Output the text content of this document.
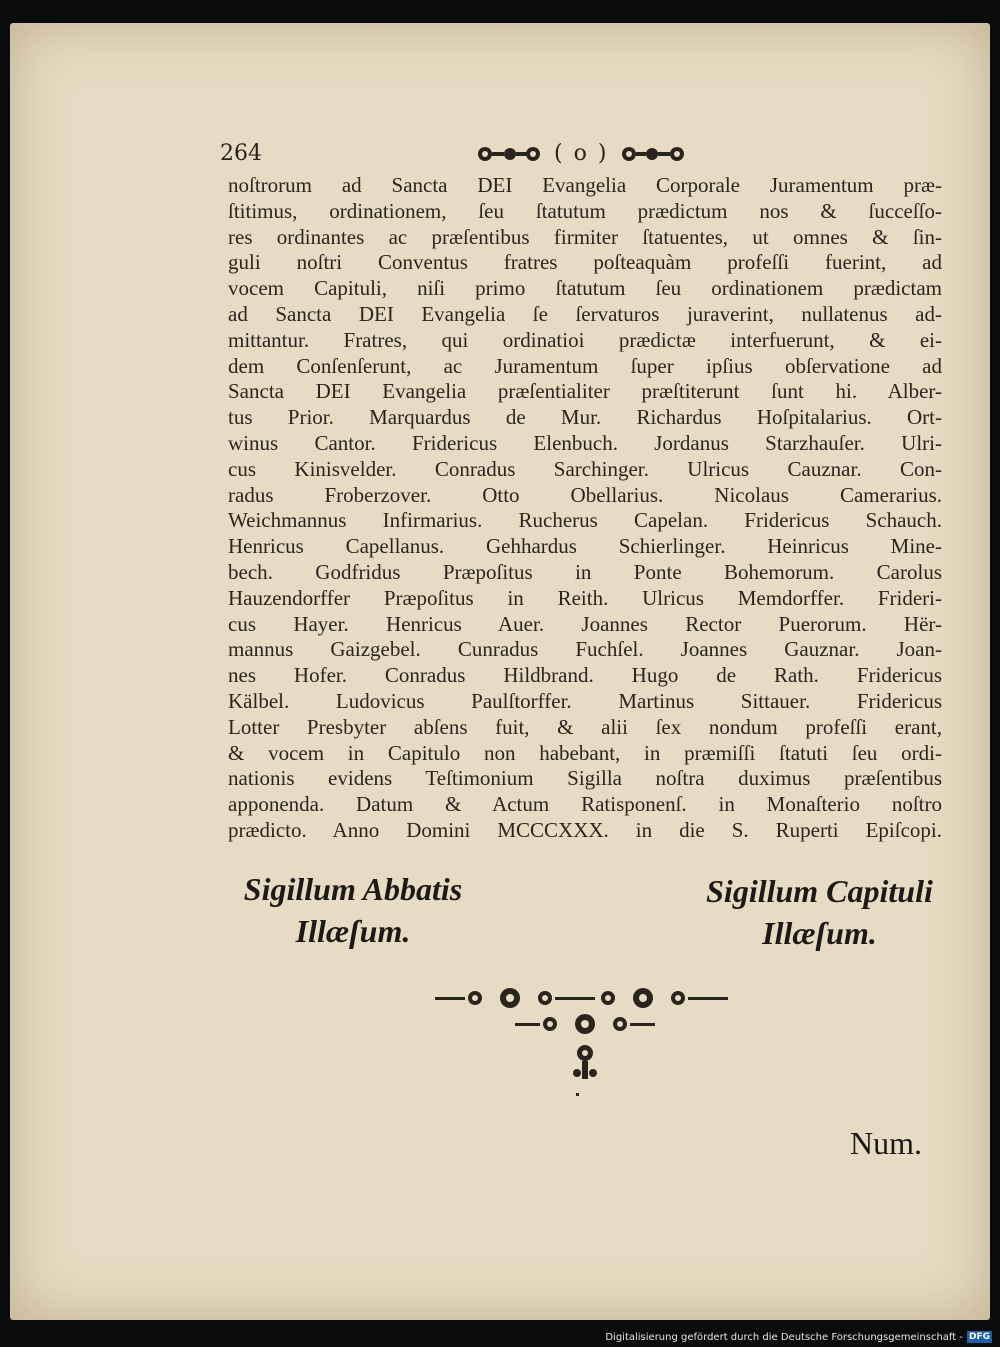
264	( o )
noſtrorum ad Sancta DEI Evangelia Corporale Juramentum præ-
ſtitimus, ordinationem, ſeu ſtatutum prædictum nos & ſucceſſo-
res ordinantes ac præſentibus firmiter ſtatuentes, ut omnes & ſin-
guli noſtri Conventus fratres poſteaquàm profeſſi fuerint, ad
vocem Capituli, niſi primo ſtatutum ſeu ordinationem prædictam
ad Sancta DEI Evangelia ſe ſervaturos juraverint, nullatenus ad-
mittantur. Fratres, qui ordinatioi prædictæ interfuerunt, & ei-
dem Conſenſerunt, ac Juramentum ſuper ipſius obſervatione ad
Sancta DEI Evangelia præſentialiter præſtiterunt ſunt hi. Alber-
tus Prior. Marquardus de Mur. Richardus Hoſpitalarius. Ort-
winus Cantor. Fridericus Elenbuch. Jordanus Starzhauſer. Ulri-
cus Kinisvelder. Conradus Sarchinger. Ulricus Cauznar. Con-
radus Froberzover. Otto Obellarius. Nicolaus Camerarius.
Weichmannus Infirmarius. Rucherus Capelan. Fridericus Schauch.
Henricus Capellanus. Gehhardus Schierlinger. Heinricus Mine-
bech. Godfridus Præpoſitus in Ponte Bohemorum. Carolus
Hauzendorffer Præpoſitus in Reith. Ulricus Memdorffer. Frideri-
cus Hayer. Henricus Auer. Joannes Rector Puerorum. Hër-
mannus Gaizgebel. Cunradus Fuchſel. Joannes Gauznar. Joan-
nes Hofer. Conradus Hildbrand. Hugo de Rath. Fridericus
Kälbel. Ludovicus Paulſtorffer. Martinus Sittauer. Fridericus
Lotter Presbyter abſens fuit, & alii ſex nondum profeſſi erant,
& vocem in Capitulo non habebant, in præmiſſi ſtatuti ſeu ordi-
nationis evidens Teſtimonium Sigilla noſtra duximus præſentibus
apponenda. Datum & Actum Ratisponenſ. in Monaſterio noſtro
prædicto. Anno Domini MCCCXXX. in die S. Ruperti Epiſcopi.
Sigillum Abbatis
Illæſum.
Sigillum Capituli
Illæſum.
Num.
Digitalisierung gefördert durch die Deutsche Forschungsgemeinschaft - DFG
